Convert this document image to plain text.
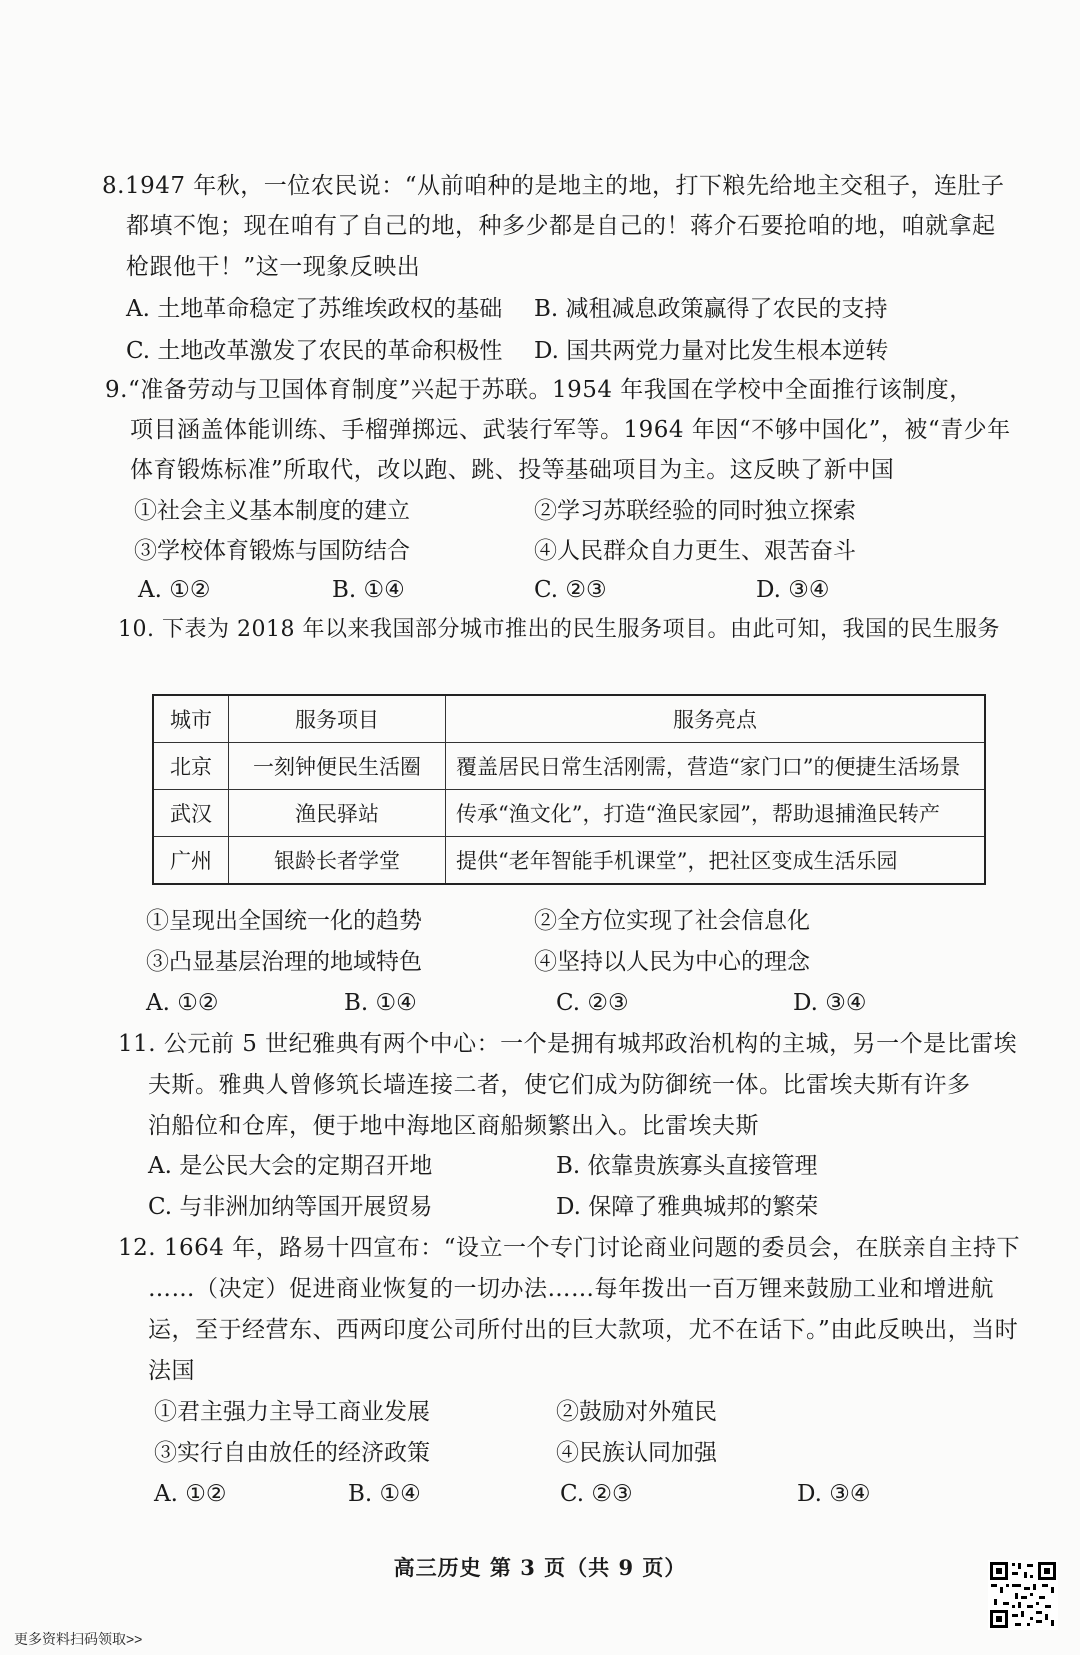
8.1947 年秋，一位农民说：“从前咱种的是地主的地，打下粮先给地主交租子，连肚子
都填不饱；现在咱有了自己的地，种多少都是自己的！蒋介石要抢咱的地，咱就拿起
枪跟他干！”这一现象反映出
A. 土地革命稳定了苏维埃政权的基础 B. 减租减息政策赢得了农民的支持
C. 土地改革激发了农民的革命积极性 D. 国共两党力量对比发生根本逆转
9.“准备劳动与卫国体育制度”兴起于苏联。1954 年我国在学校中全面推行该制度，
项目涵盖体能训练、手榴弹掷远、武装行军等。1964 年因“不够中国化”，被“青少年
体育锻炼标准”所取代，改以跑、跳、投等基础项目为主。这反映了新中国
①社会主义基本制度的建立	②学习苏联经验的同时独立探索
③学校体育锻炼与国防结合	④人民群众自力更生、艰苦奋斗
A. ①②	B. ①④	C. ②③	D. ③④
10. 下表为 2018 年以来我国部分城市推出的民生服务项目。由此可知，我国的民生服务
城市	服务项目	服务亮点
北京	一刻钟便民生活圈	覆盖居民日常生活刚需，营造“家门口”的便捷生活场景
武汉	渔民驿站	传承“渔文化”，打造“渔民家园”，帮助退捕渔民转产
广州	银龄长者学堂	提供“老年智能手机课堂”，把社区变成生活乐园
①呈现出全国统一化的趋势	②全方位实现了社会信息化
③凸显基层治理的地域特色	④坚持以人民为中心的理念
A. ①②	B. ①④	C. ②③	D. ③④
11. 公元前 5 世纪雅典有两个中心：一个是拥有城邦政治机构的主城，另一个是比雷埃
夫斯。雅典人曾修筑长墙连接二者，使它们成为防御统一体。比雷埃夫斯有许多
泊船位和仓库，便于地中海地区商船频繁出入。比雷埃夫斯
A. 是公民大会的定期召开地	B. 依靠贵族寡头直接管理
C. 与非洲加纳等国开展贸易	D. 保障了雅典城邦的繁荣
12. 1664 年，路易十四宣布：“设立一个专门讨论商业问题的委员会，在朕亲自主持下
……（决定）促进商业恢复的一切办法……每年拨出一百万锂来鼓励工业和增进航
运，至于经营东、西两印度公司所付出的巨大款项，尤不在话下。”由此反映出，当时
法国
①君主强力主导工商业发展	②鼓励对外殖民
③实行自由放任的经济政策	④民族认同加强
A. ①②	B. ①④	C. ②③	D. ③④
高三历史 第 3 页（共 9 页）
更多资料扫码领取>>
